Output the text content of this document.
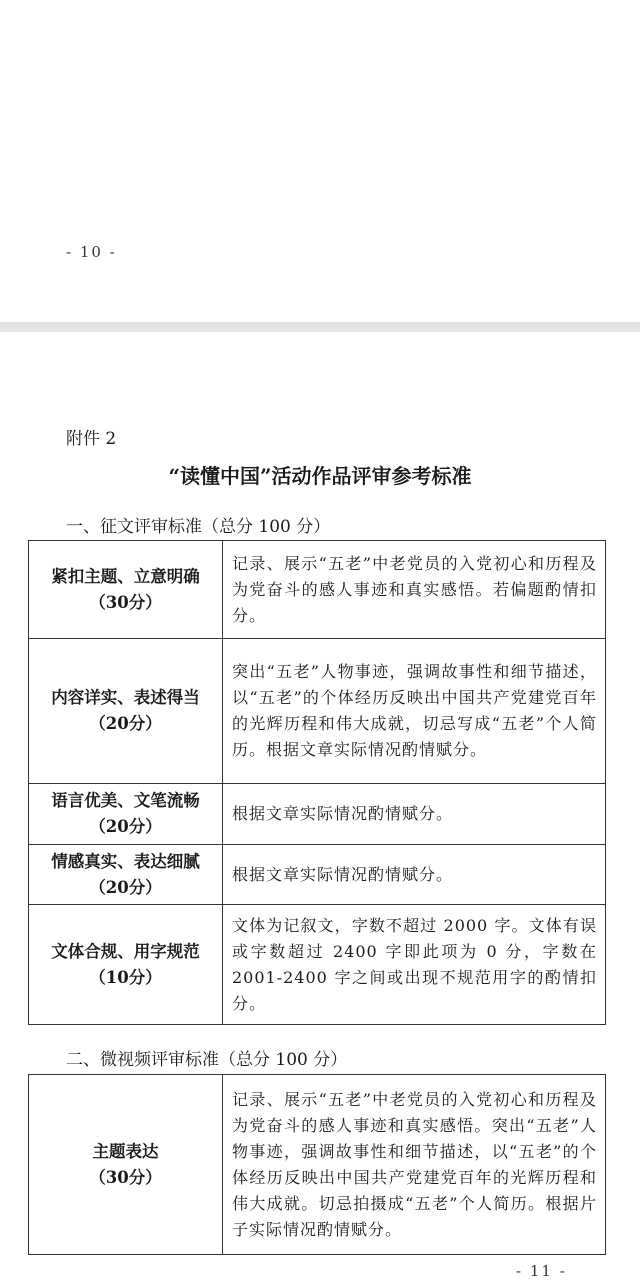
- 10 -
附件 2
“读懂中国”活动作品评审参考标准
一、征文评审标准（总分 100 分）
紧扣主题、立意明确
（30分）	记录、展示“五老”中老党员的入党初心和历程及为党奋斗的感人事迹和真实感悟。若偏题酌情扣分。
内容详实、表述得当
（20分）	突出“五老”人物事迹，强调故事性和细节描述，以“五老”的个体经历反映出中国共产党建党百年的光辉历程和伟大成就，切忌写成“五老”个人简历。根据文章实际情况酌情赋分。
语言优美、文笔流畅
（20分）	根据文章实际情况酌情赋分。
情感真实、表达细腻
（20分）	根据文章实际情况酌情赋分。
文体合规、用字规范
（10分）	文体为记叙文，字数不超过 2000 字。文体有误或字数超过 2400 字即此项为 0 分，字数在 2001-2400 字之间或出现不规范用字的酌情扣分。
二、微视频评审标准（总分 100 分）
主题表达
（30分）
	记录、展示“五老”中老党员的入党初心和历程及为党奋斗的感人事迹和真实感悟。突出“五老”人物事迹，强调故事性和细节描述，以“五老”的个体经历反映出中国共产党建党百年的光辉历程和伟大成就。切忌拍摄成“五老”个人简历。根据片子实际情况酌情赋分。
- 11 -
